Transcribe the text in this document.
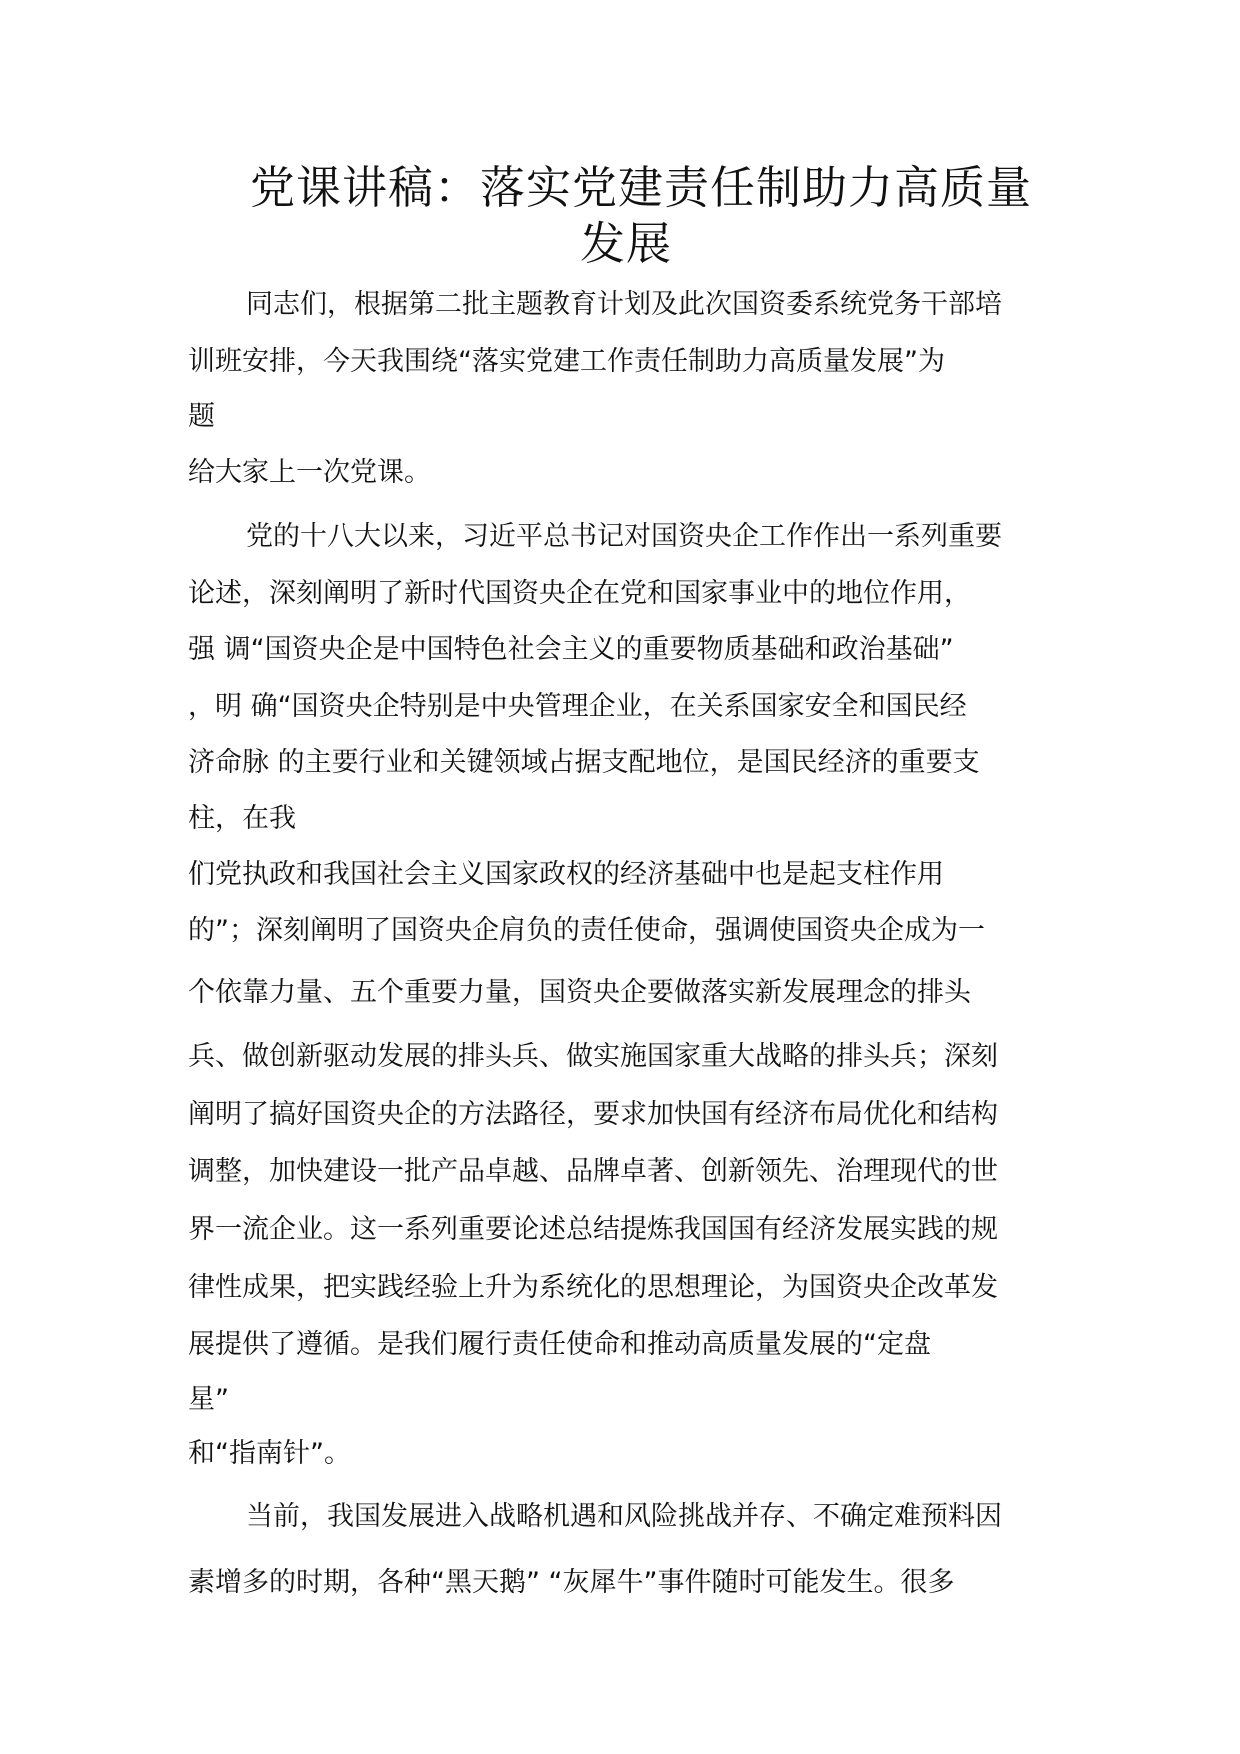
党课讲稿：落实党建责任制助力高质量
发展
同志们，根据第二批主题教育计划及此次国资委系统党务干部培
训班安排，今天我围绕“落实党建工作责任制助力高质量发展”为
题
给大家上一次党课。
党的十八大以来，习近平总书记对国资央企工作作出一系列重要
论述，深刻阐明了新时代国资央企在党和国家事业中的地位作用，
强 调“国资央企是中国特色社会主义的重要物质基础和政治基础”
，明 确“国资央企特别是中央管理企业，在关系国家安全和国民经
济命脉 的主要行业和关键领域占据支配地位，是国民经济的重要支
柱，在我
们党执政和我国社会主义国家政权的经济基础中也是起支柱作用
的”；深刻阐明了国资央企肩负的责任使命，强调使国资央企成为一
个依靠力量、五个重要力量，国资央企要做落实新发展理念的排头
兵、做创新驱动发展的排头兵、做实施国家重大战略的排头兵；深刻
阐明了搞好国资央企的方法路径，要求加快国有经济布局优化和结构
调整，加快建设一批产品卓越、品牌卓著、创新领先、治理现代的世
界一流企业。这一系列重要论述总结提炼我国国有经济发展实践的规
律性成果，把实践经验上升为系统化的思想理论，为国资央企改革发
展提供了遵循。是我们履行责任使命和推动高质量发展的“定盘
星”
和“指南针”。
当前，我国发展进入战略机遇和风险挑战并存、不确定难预料因
素增多的时期，各种“黑天鹅” “灰犀牛”事件随时可能发生。很多
